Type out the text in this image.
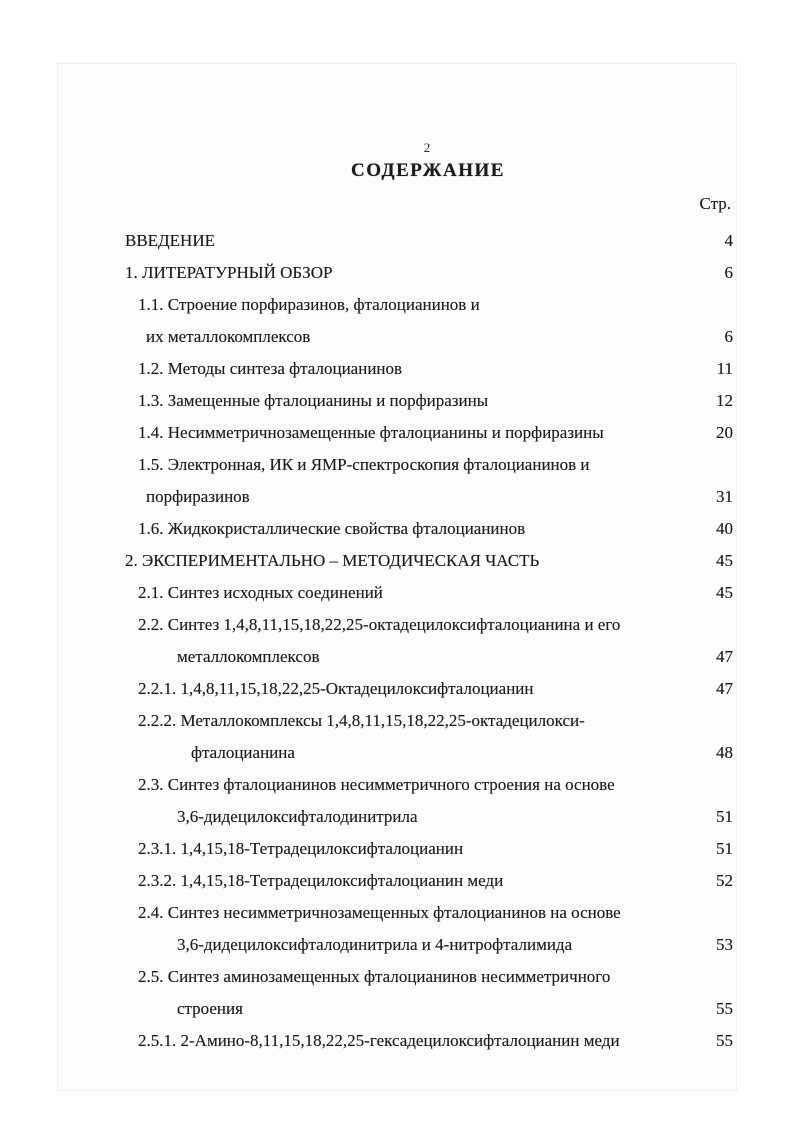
2
СОДЕРЖАНИЕ
Стр.
ВВЕДЕНИЕ	4
1. ЛИТЕРАТУРНЫЙ ОБЗОР	6
1.1. Строение порфиразинов, фталоцианинов и
их металлокомплексов	6
1.2. Методы синтеза фталоцианинов	11
1.3. Замещенные фталоцианины и порфиразины	12
1.4. Несимметричнозамещенные фталоцианины и порфиразины	20
1.5. Электронная, ИК и ЯМР-спектроскопия фталоцианинов и
порфиразинов	31
1.6. Жидкокристаллические свойства фталоцианинов	40
2. ЭКСПЕРИМЕНТАЛЬНО – МЕТОДИЧЕСКАЯ ЧАСТЬ	45
2.1. Синтез исходных соединений	45
2.2. Синтез 1,4,8,11,15,18,22,25-октадецилоксифталоцианина и его
металлокомплексов	47
2.2.1. 1,4,8,11,15,18,22,25-Октадецилоксифталоцианин	47
2.2.2. Металлокомплексы 1,4,8,11,15,18,22,25-октадецилокси-
фталоцианина	48
2.3. Синтез фталоцианинов несимметричного строения на основе
3,6-дидецилоксифталодинитрила	51
2.3.1. 1,4,15,18-Тетрадецилоксифталоцианин	51
2.3.2. 1,4,15,18-Тетрадецилоксифталоцианин меди	52
2.4. Синтез несимметричнозамещенных фталоцианинов на основе
3,6-дидецилоксифталодинитрила и 4-нитрофталимида	53
2.5. Синтез аминозамещенных фталоцианинов несимметричного
строения	55
2.5.1. 2-Амино-8,11,15,18,22,25-гексадецилоксифталоцианин меди	55
